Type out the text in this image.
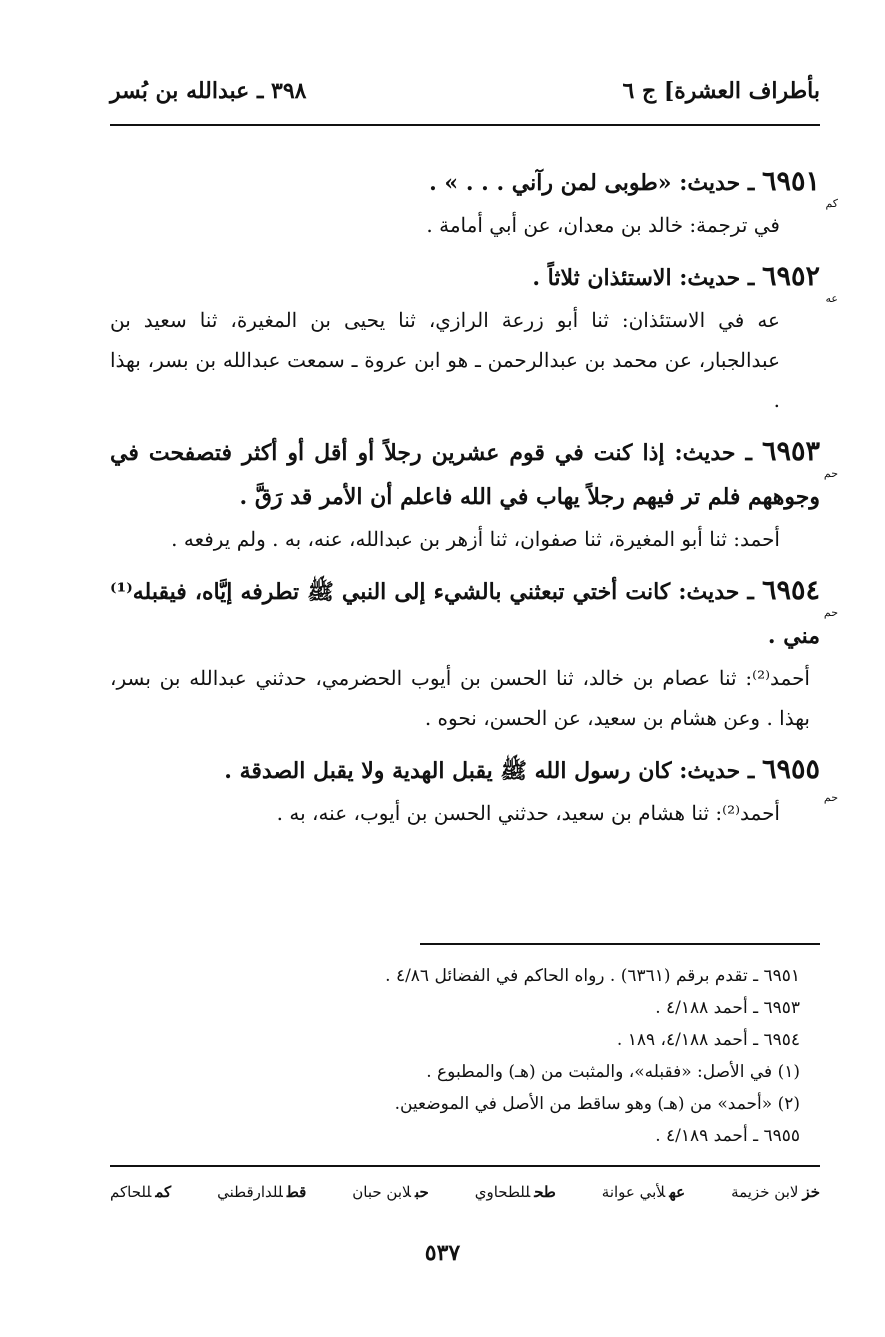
بأطراف العشرة] ج ٦
٣٩٨ ـ عبدالله بن بُسر
كم
٦٩٥١ ـ حديث: «طوبى لمن رآني . . . » .
في ترجمة: خالد بن معدان، عن أبي أمامة .
عه
٦٩٥٢ ـ حديث: الاستئذان ثلاثاً .
عه في الاستئذان: ثنا أبو زرعة الرازي، ثنا يحيى بن المغيرة، ثنا سعيد بن عبدالجبار، عن محمد بن عبدالرحمن ـ هو ابن عروة ـ سمعت عبدالله بن بسر، بهذا .
حم
٦٩٥٣ ـ حديث: إذا كنت في قوم عشرين رجلاً أو أقل أو أكثر فتصفحت في وجوههم فلم تر فيهم رجلاً يهاب في الله فاعلم أن الأمر قد رَقَّ .
أحمد: ثنا أبو المغيرة، ثنا صفوان، ثنا أزهر بن عبدالله، عنه، به . ولم يرفعه .
حم
٦٩٥٤ ـ حديث: كانت أختي تبعثني بالشيء إلى النبي ﷺ تطرفه إيَّاه، فيقبله⁽¹⁾ مني .
أحمد⁽²⁾: ثنا عصام بن خالد، ثنا الحسن بن أيوب الحضرمي، حدثني عبدالله بن بسر، بهذا . وعن هشام بن سعيد، عن الحسن، نحوه .
حم
٦٩٥٥ ـ حديث: كان رسول الله ﷺ يقبل الهدية ولا يقبل الصدقة .
أحمد⁽²⁾: ثنا هشام بن سعيد، حدثني الحسن بن أيوب، عنه، به .
٦٩٥١ ـ تقدم برقم (٦٣٦١) . رواه الحاكم في الفضائل ٤/٨٦ .
٦٩٥٣ ـ أحمد ٤/١٨٨ .
٦٩٥٤ ـ أحمد ٤/١٨٨، ١٨٩ .
(١) في الأصل: «فقبله»، والمثبت من (هـ) والمطبوع .
(٢) «أحمد» من (هـ) وهو ساقط من الأصل في الموضعين.
٦٩٥٥ ـ أحمد ٤/١٨٩ .
خزلابن خزيمة
عهلأبي عوانة
طحللطحاوي
حبلابن حبان
قطللدارقطني
كمللحاكم
٥٣٧
